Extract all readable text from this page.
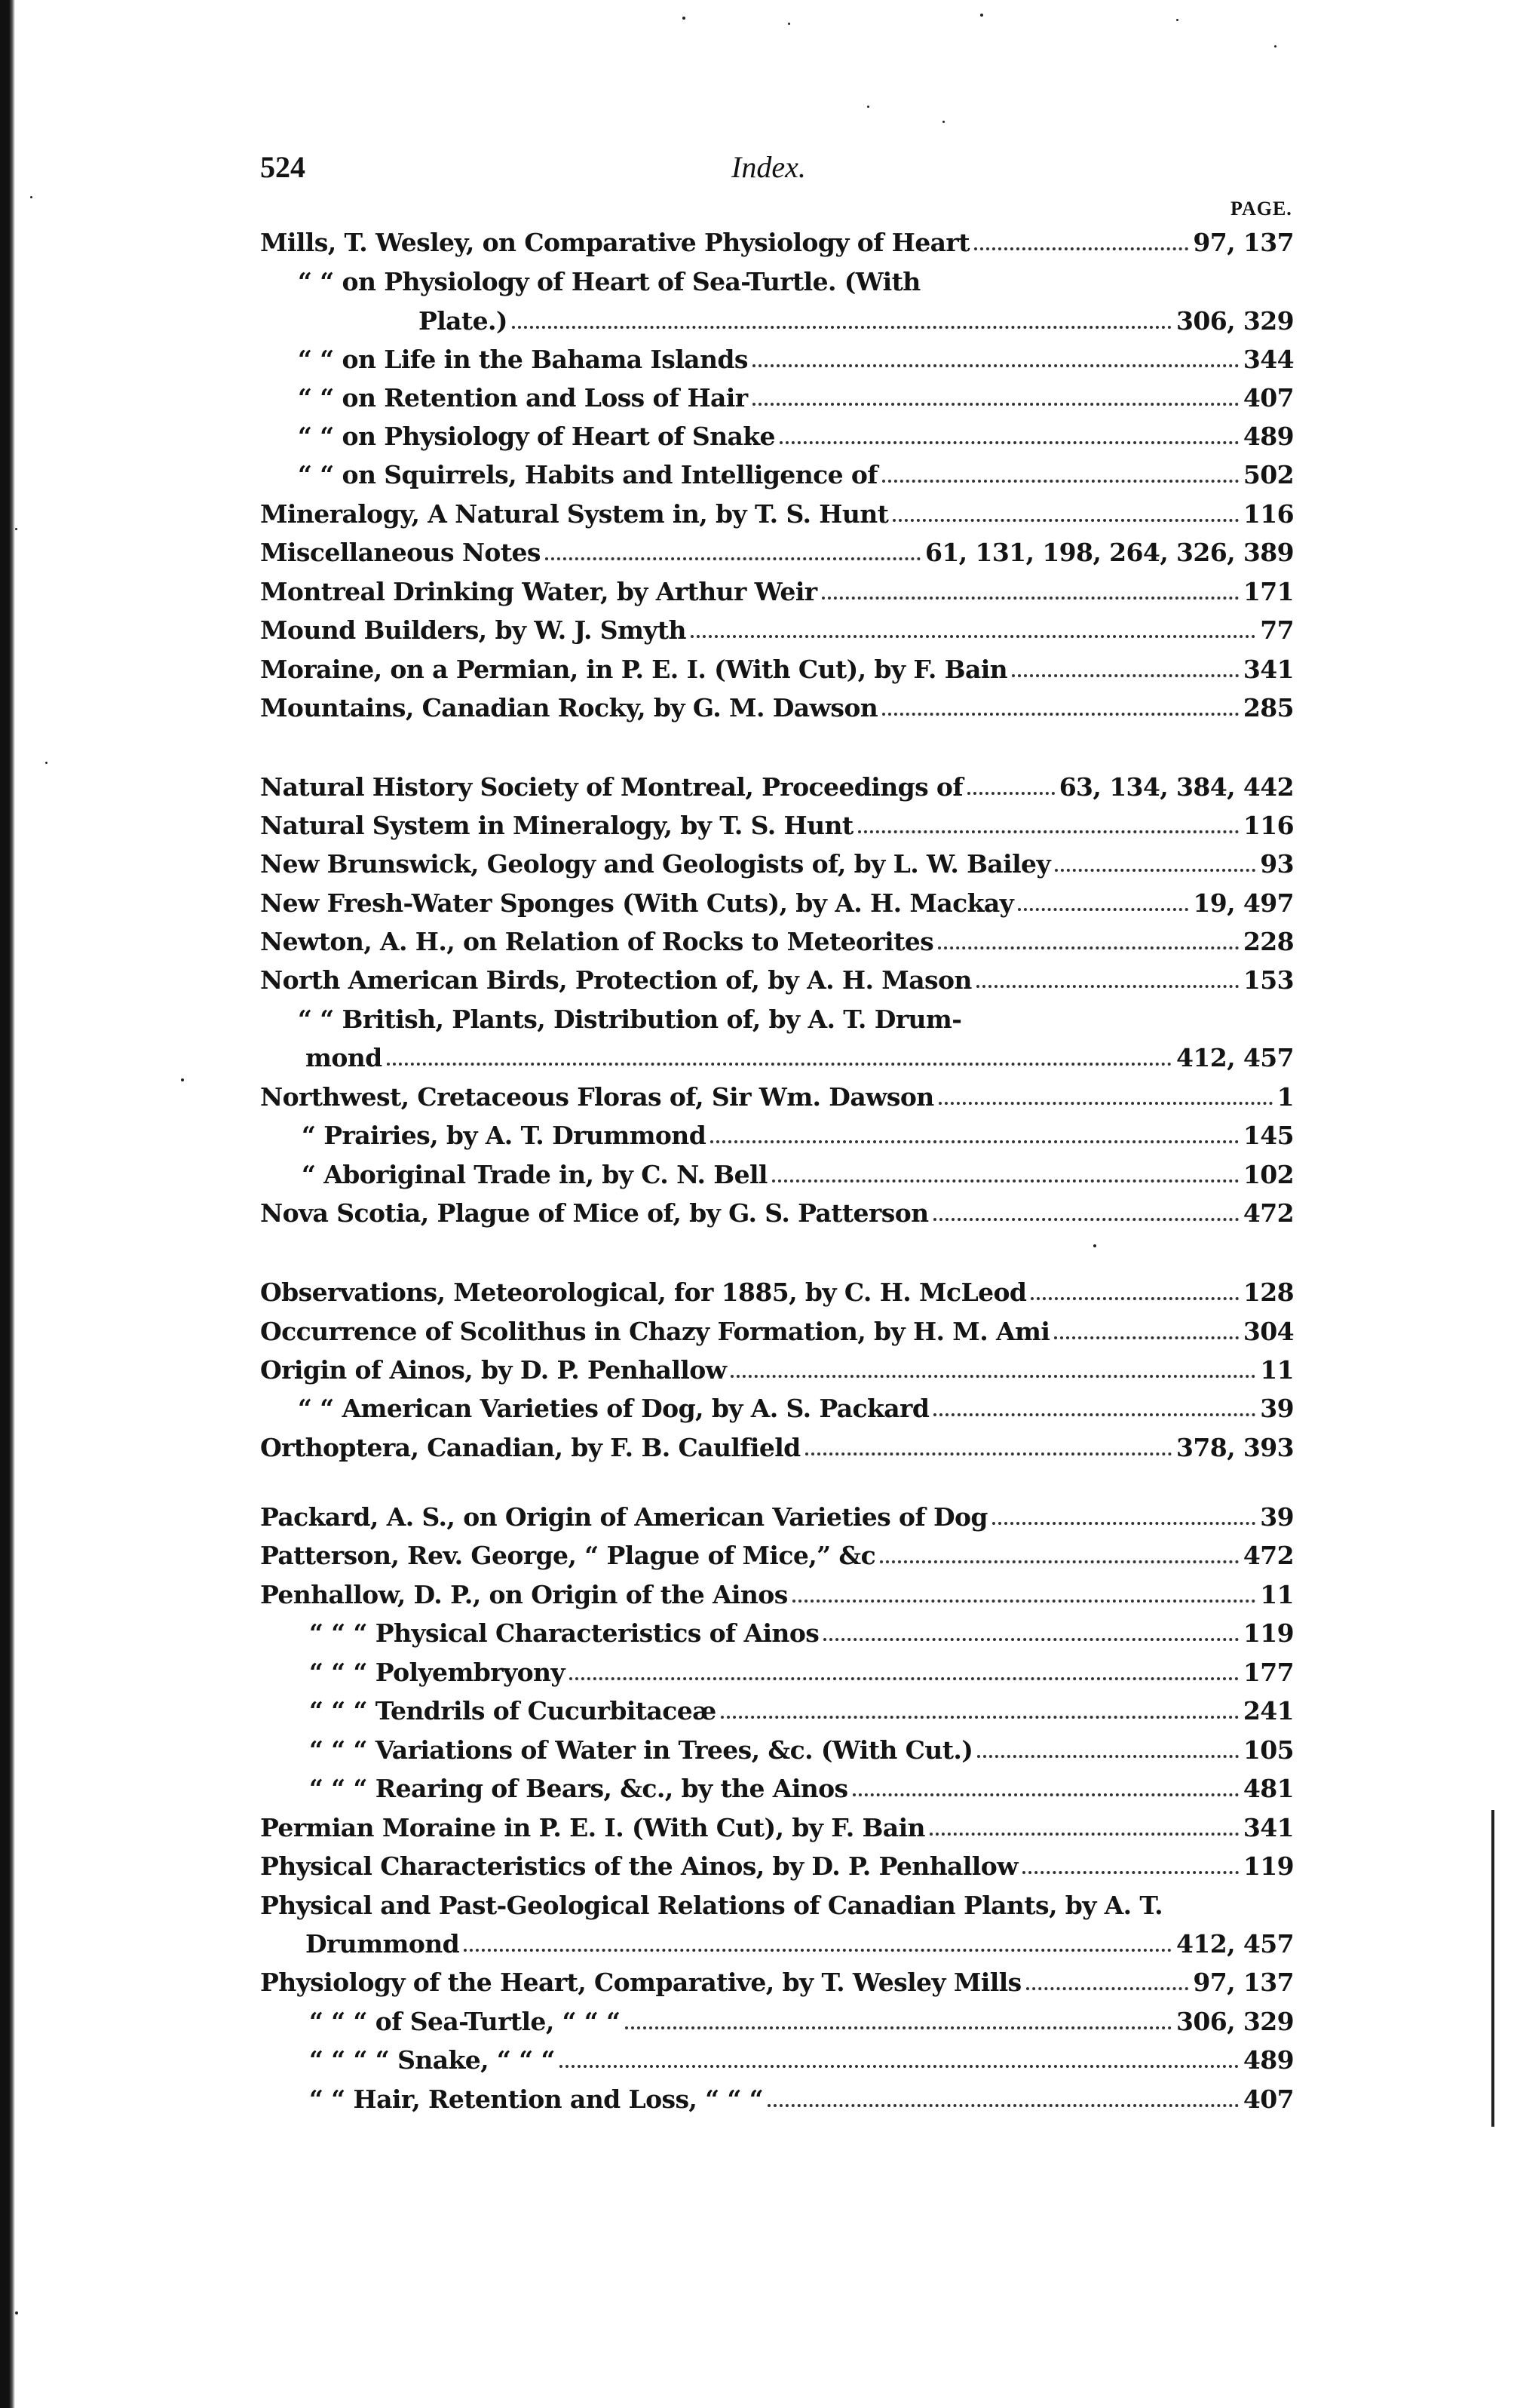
524	Index.
PAGE.
Mills, T. Wesley, on Comparative Physiology of Heart	97, 137
“ “ on Physiology of Heart of Sea-Turtle. (With
Plate.)	306, 329
“ “ on Life in the Bahama Islands	344
“ “ on Retention and Loss of Hair	407
“ “ on Physiology of Heart of Snake	489
“ “ on Squirrels, Habits and Intelligence of	502
Mineralogy, A Natural System in, by T. S. Hunt	116
Miscellaneous Notes	61, 131, 198, 264, 326, 389
Montreal Drinking Water, by Arthur Weir	171
Mound Builders, by W. J. Smyth	77
Moraine, on a Permian, in P. E. I. (With Cut), by F. Bain	341
Mountains, Canadian Rocky, by G. M. Dawson	285
Natural History Society of Montreal, Proceedings of	63, 134, 384, 442
Natural System in Mineralogy, by T. S. Hunt	116
New Brunswick, Geology and Geologists of, by L. W. Bailey	93
New Fresh-Water Sponges (With Cuts), by A. H. Mackay	19, 497
Newton, A. H., on Relation of Rocks to Meteorites	228
North American Birds, Protection of, by A. H. Mason	153
“ “ British, Plants, Distribution of, by A. T. Drum-
mond	412, 457
Northwest, Cretaceous Floras of, Sir Wm. Dawson	1
“ Prairies, by A. T. Drummond	145
“ Aboriginal Trade in, by C. N. Bell	102
Nova Scotia, Plague of Mice of, by G. S. Patterson	472
Observations, Meteorological, for 1885, by C. H. McLeod	128
Occurrence of Scolithus in Chazy Formation, by H. M. Ami	304
Origin of Ainos, by D. P. Penhallow	11
“ “ American Varieties of Dog, by A. S. Packard	39
Orthoptera, Canadian, by F. B. Caulfield	378, 393
Packard, A. S., on Origin of American Varieties of Dog	39
Patterson, Rev. George, “ Plague of Mice,” &c	472
Penhallow, D. P., on Origin of the Ainos	11
“ “ “ Physical Characteristics of Ainos	119
“ “ “ Polyembryony	177
“ “ “ Tendrils of Cucurbitaceæ	241
“ “ “ Variations of Water in Trees, &c. (With Cut.)	105
“ “ “ Rearing of Bears, &c., by the Ainos	481
Permian Moraine in P. E. I. (With Cut), by F. Bain	341
Physical Characteristics of the Ainos, by D. P. Penhallow	119
Physical and Past-Geological Relations of Canadian Plants, by A. T.
Drummond	412, 457
Physiology of the Heart, Comparative, by T. Wesley Mills	97, 137
“ “ “ of Sea-Turtle, “ “ “	306, 329
“ “ “ “ Snake, “ “ “	489
“ “ Hair, Retention and Loss, “ “ “	407
